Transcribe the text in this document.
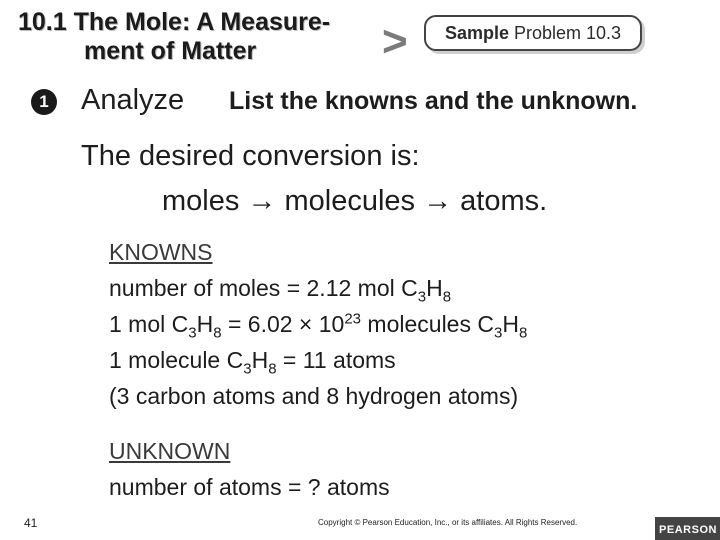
10.1 The Mole: A Measure-
ment of Matter	> Sample Problem 10.3
1 Analyze List the knowns and the unknown.
The desired conversion is:
moles → molecules → atoms.
KNOWNS
number of moles = 2.12 mol $C_3H_8$
1 mol $C_3H_8 = 6.02 \times 10^{23}$ molecules $C_3H_8$
1 molecule $C_3H_8 = 11$ atoms
(3 carbon atoms and 8 hydrogen atoms)
UNKNOWN
number of atoms = ? atoms
41	Copyright © Pearson Education, Inc., or its affiliates. All Rights Reserved.
PEARSON
